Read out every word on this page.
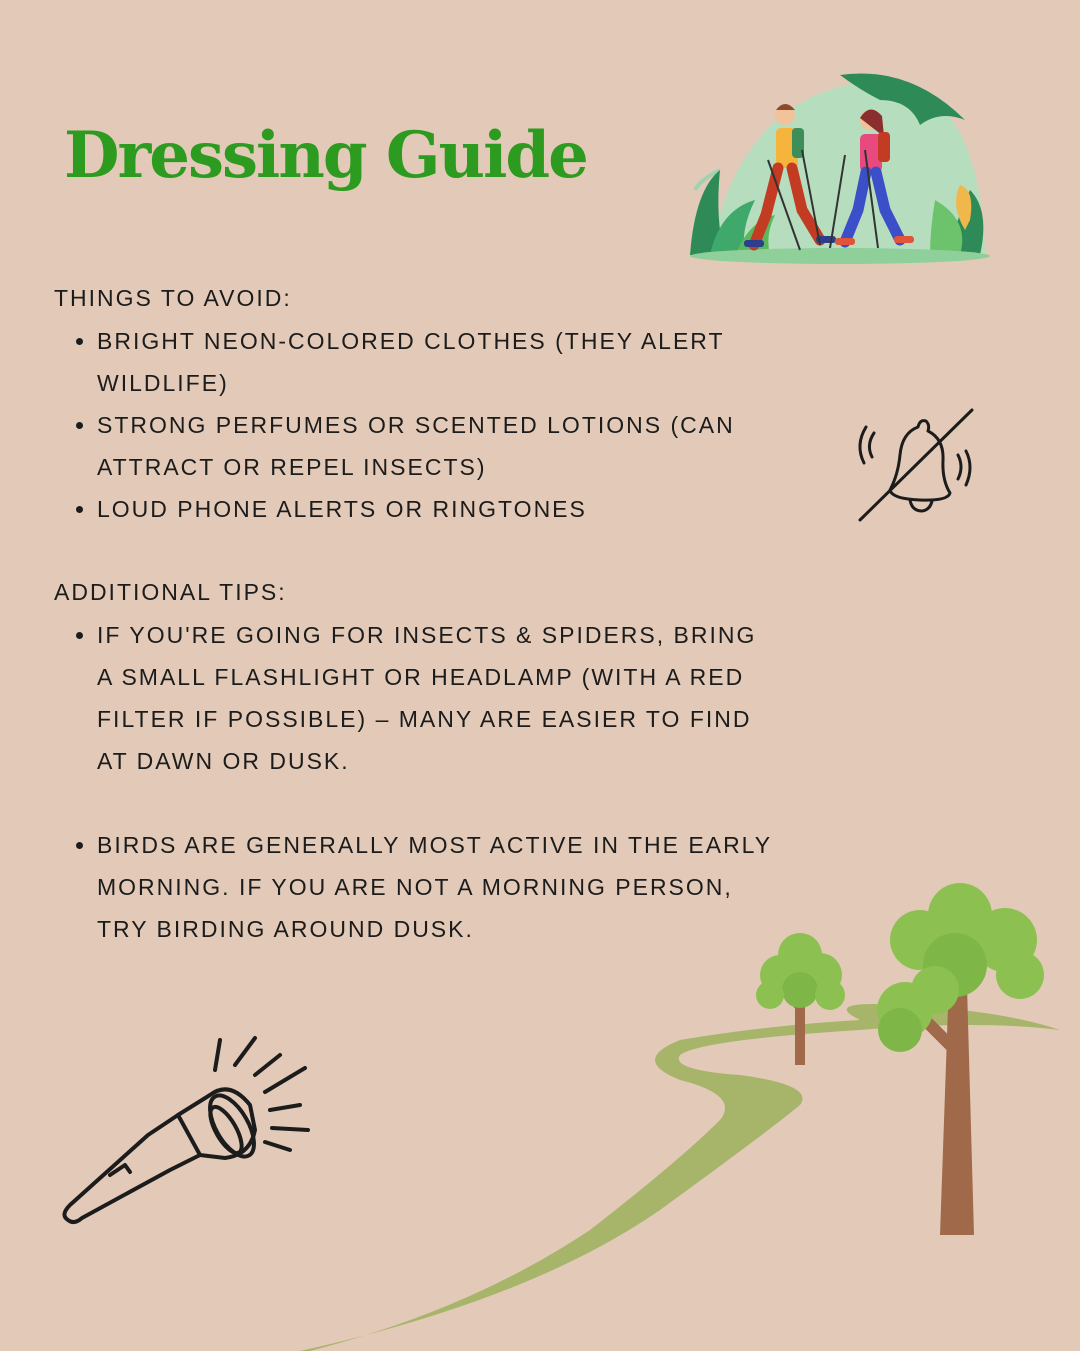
Dressing Guide
THINGS TO AVOID:
BRIGHT NEON-COLORED CLOTHES (THEY ALERT WILDLIFE)
STRONG PERFUMES OR SCENTED LOTIONS (CAN ATTRACT OR REPEL INSECTS)
LOUD PHONE ALERTS OR RINGTONES
ADDITIONAL TIPS:
IF YOU'RE GOING FOR INSECTS & SPIDERS, BRING A SMALL FLASHLIGHT OR HEADLAMP (WITH A RED FILTER IF POSSIBLE) – MANY ARE EASIER TO FIND AT DAWN OR DUSK.
BIRDS ARE GENERALLY MOST ACTIVE IN THE EARLY MORNING. IF YOU ARE NOT A MORNING PERSON, TRY BIRDING AROUND DUSK.
